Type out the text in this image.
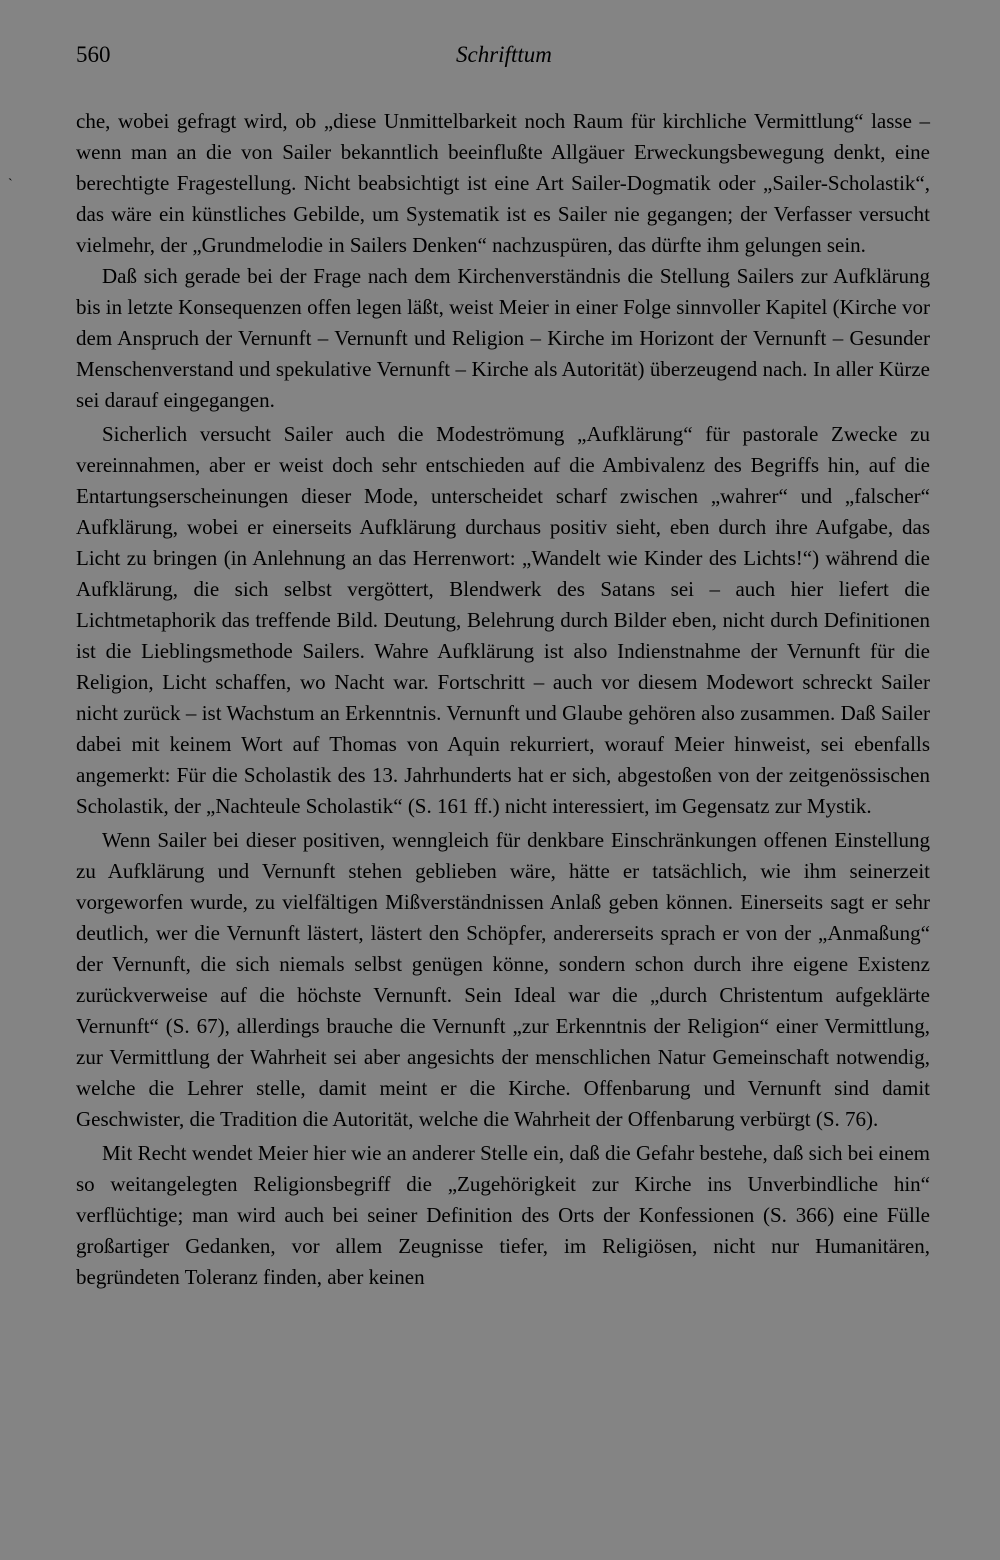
560	Schrifttum
`

che, wobei gefragt wird, ob „diese Unmittelbarkeit noch Raum für kirchliche Vermittlung“ lasse – wenn man an die von Sailer bekanntlich beeinflußte Allgäuer Erweckungsbewegung denkt, eine berechtigte Fragestellung. Nicht beabsichtigt ist eine Art Sailer-Dogmatik oder „Sailer-Scholastik“, das wäre ein künstliches Gebilde, um Systematik ist es Sailer nie gegangen; der Verfasser versucht vielmehr, der „Grundmelodie in Sailers Denken“ nachzuspüren, das dürfte ihm gelungen sein.

Daß sich gerade bei der Frage nach dem Kirchenverständnis die Stellung Sailers zur Aufklärung bis in letzte Konsequenzen offen legen läßt, weist Meier in einer Folge sinnvoller Kapitel (Kirche vor dem Anspruch der Vernunft – Vernunft und Religion – Kirche im Horizont der Vernunft – Gesunder Menschenverstand und spekulative Vernunft – Kirche als Autorität) überzeugend nach. In aller Kürze sei darauf eingegangen.

Sicherlich versucht Sailer auch die Modeströmung „Aufklärung“ für pastorale Zwecke zu vereinnahmen, aber er weist doch sehr entschieden auf die Ambivalenz des Begriffs hin, auf die Entartungserscheinungen dieser Mode, unterscheidet scharf zwischen „wahrer“ und „falscher“ Aufklärung, wobei er einerseits Aufklärung durchaus positiv sieht, eben durch ihre Aufgabe, das Licht zu bringen (in Anlehnung an das Herrenwort: „Wandelt wie Kinder des Lichts!“) während die Aufklärung, die sich selbst vergöttert, Blendwerk des Satans sei – auch hier liefert die Lichtmetaphorik das treffende Bild. Deutung, Belehrung durch Bilder eben, nicht durch Definitionen ist die Lieblingsmethode Sailers. Wahre Aufklärung ist also Indienstnahme der Vernunft für die Religion, Licht schaffen, wo Nacht war. Fortschritt – auch vor diesem Modewort schreckt Sailer nicht zurück – ist Wachstum an Erkenntnis. Vernunft und Glaube gehören also zusammen. Daß Sailer dabei mit keinem Wort auf Thomas von Aquin rekurriert, worauf Meier hinweist, sei ebenfalls angemerkt: Für die Scholastik des 13. Jahrhunderts hat er sich, abgestoßen von der zeitgenössischen Scholastik, der „Nachteule Scholastik“ (S. 161 ff.) nicht interessiert, im Gegensatz zur Mystik.

Wenn Sailer bei dieser positiven, wenngleich für denkbare Einschränkungen offenen Einstellung zu Aufklärung und Vernunft stehen geblieben wäre, hätte er tatsächlich, wie ihm seinerzeit vorgeworfen wurde, zu vielfältigen Mißverständnissen Anlaß geben können. Einerseits sagt er sehr deutlich, wer die Vernunft lästert, lästert den Schöpfer, andererseits sprach er von der „Anmaßung“ der Vernunft, die sich niemals selbst genügen könne, sondern schon durch ihre eigene Existenz zurückverweise auf die höchste Vernunft. Sein Ideal war die „durch Christentum aufgeklärte Vernunft“ (S. 67), allerdings brauche die Vernunft „zur Erkenntnis der Religion“ einer Vermittlung, zur Vermittlung der Wahrheit sei aber angesichts der menschlichen Natur Gemeinschaft notwendig, welche die Lehrer stelle, damit meint er die Kirche. Offenbarung und Vernunft sind damit Geschwister, die Tradition die Autorität, welche die Wahrheit der Offenbarung verbürgt (S. 76).

Mit Recht wendet Meier hier wie an anderer Stelle ein, daß die Gefahr bestehe, daß sich bei einem so weitangelegten Religionsbegriff die „Zugehörigkeit zur Kirche ins Unverbindliche hin“ verflüchtige; man wird auch bei seiner Definition des Orts der Konfessionen (S. 366) eine Fülle großartiger Gedanken, vor allem Zeugnisse tiefer, im Religiösen, nicht nur Humanitären, begründeten Toleranz finden, aber keinen
